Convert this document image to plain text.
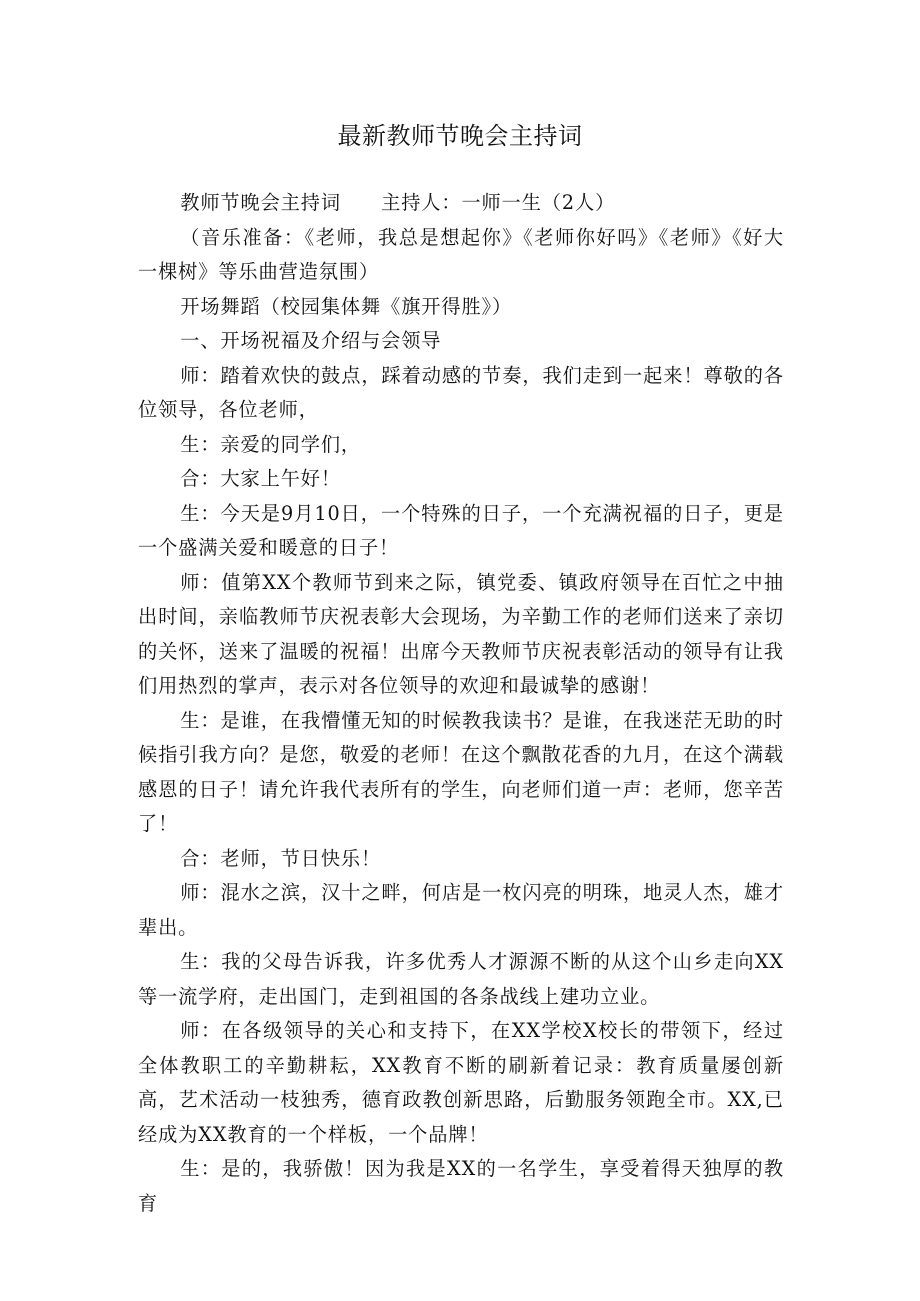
最新教师节晚会主持词

教师节晚会主持词　　主持人：一师一生（2人）

（音乐准备：《老师，我总是想起你》《老师你好吗》《老师》《好大一棵树》等乐曲营造氛围）

开场舞蹈（校园集体舞《旗开得胜》）

一、开场祝福及介绍与会领导

师：踏着欢快的鼓点，踩着动感的节奏，我们走到一起来！尊敬的各位领导，各位老师，

生：亲爱的同学们，

合：大家上午好！

生：今天是9月10日，一个特殊的日子，一个充满祝福的日子，更是一个盛满关爱和暖意的日子！

师：值第XX个教师节到来之际，镇党委、镇政府领导在百忙之中抽出时间，亲临教师节庆祝表彰大会现场，为辛勤工作的老师们送来了亲切的关怀，送来了温暖的祝福！出席今天教师节庆祝表彰活动的领导有让我们用热烈的掌声，表示对各位领导的欢迎和最诚挚的感谢！

生：是谁，在我懵懂无知的时候教我读书？是谁，在我迷茫无助的时候指引我方向？是您，敬爱的老师！在这个飘散花香的九月，在这个满载感恩的日子！请允许我代表所有的学生，向老师们道一声：老师，您辛苦了！

合：老师，节日快乐！

师：混水之滨，汉十之畔，何店是一枚闪亮的明珠，地灵人杰，雄才辈出。

生：我的父母告诉我，许多优秀人才源源不断的从这个山乡走向XX等一流学府，走出国门，走到祖国的各条战线上建功立业。

师：在各级领导的关心和支持下，在XX学校X校长的带领下，经过全体教职工的辛勤耕耘，XX教育不断的刷新着记录：教育质量屡创新高，艺术活动一枝独秀，德育政教创新思路，后勤服务领跑全市。XX,已经成为XX教育的一个样板，一个品牌！

生：是的，我骄傲！因为我是XX的一名学生，享受着得天独厚的教育
